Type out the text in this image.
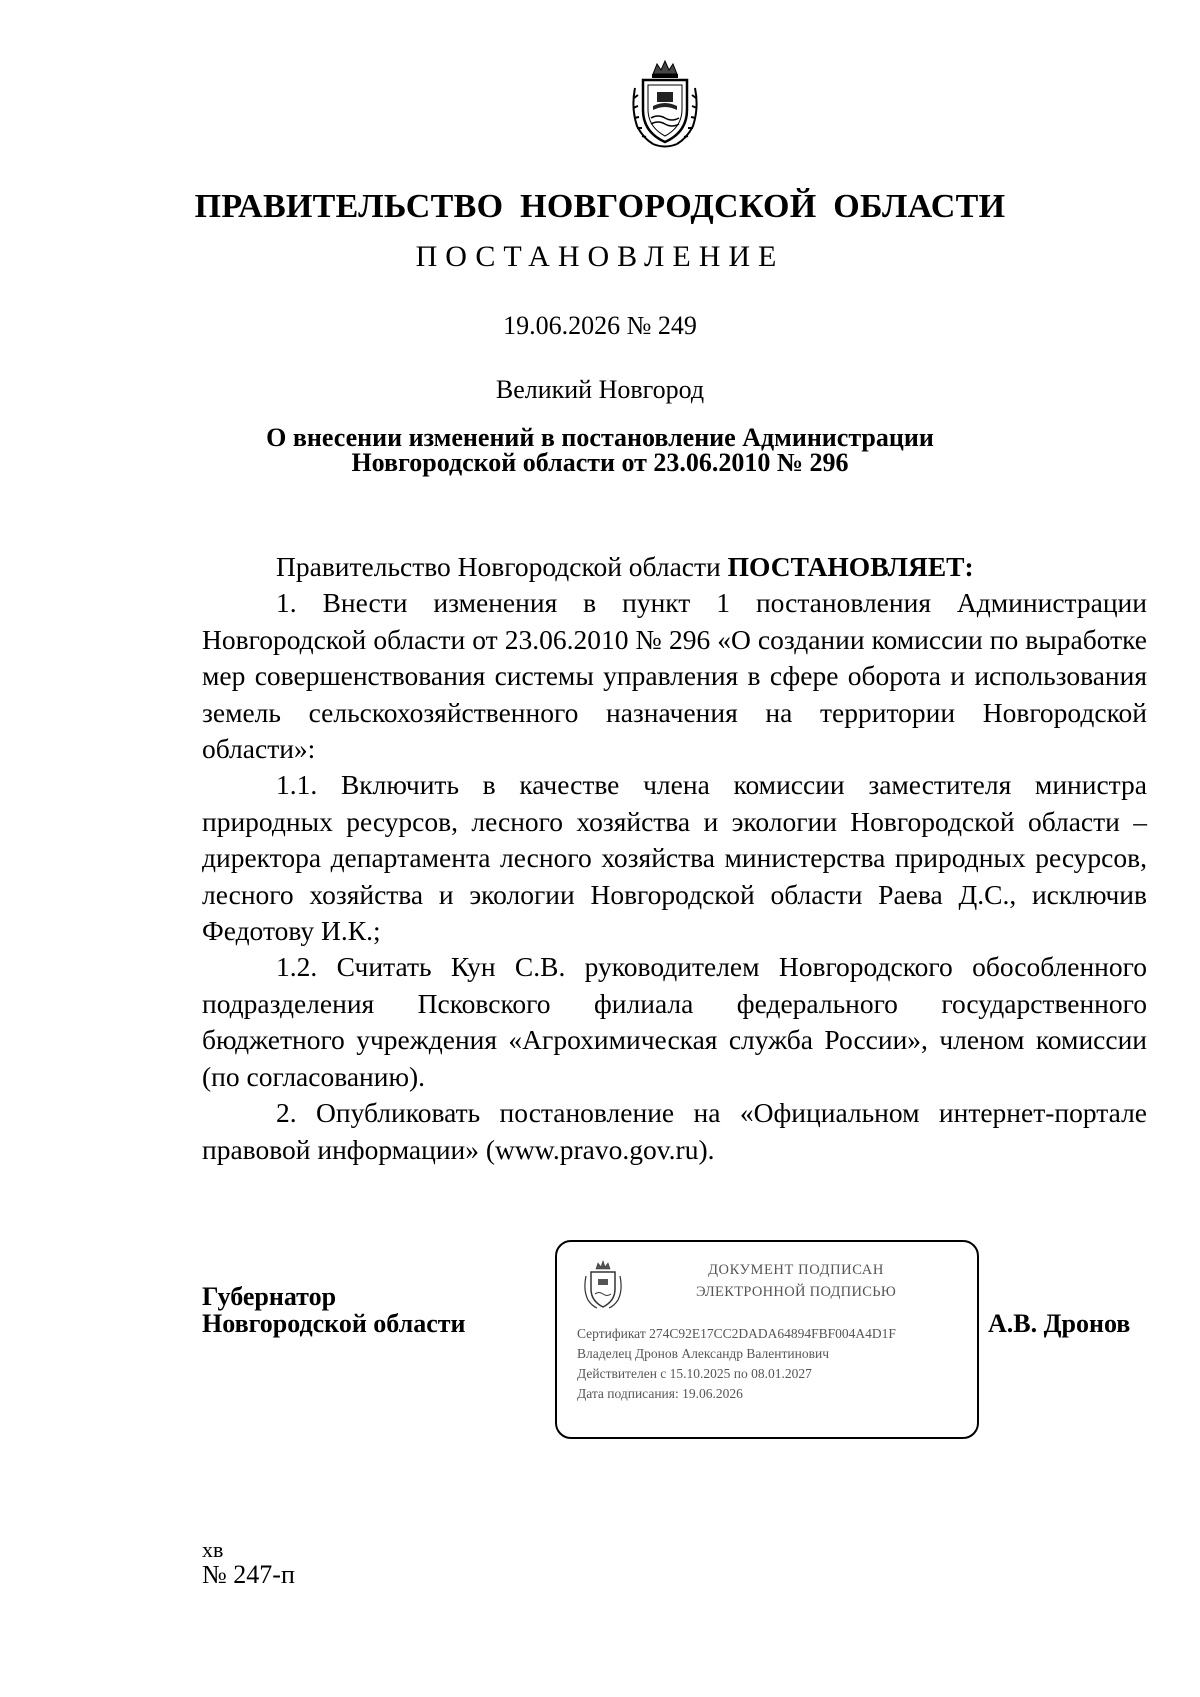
ПРАВИТЕЛЬСТВО НОВГОРОДСКОЙ ОБЛАСТИ
ПОСТАНОВЛЕНИЕ
19.06.2026 № 249
Великий Новгород
О внесении изменений в постановление Администрации
Новгородской области от 23.06.2010 № 296

Правительство Новгородской области ПОСТАНОВЛЯЕТ:

1. Внести изменения в пункт 1 постановления Администрации Новгородской области от 23.06.2010 № 296 «О создании комиссии по выработке мер совершенствования системы управления в сфере оборота и использования земель сельскохозяйственного назначения на территории Новгородской области»:

1.1. Включить в качестве члена комиссии заместителя министра природных ресурсов, лесного хозяйства и экологии Новгородской области – директора департамента лесного хозяйства министерства природных ресурсов, лесного хозяйства и экологии Новгородской области Раева Д.С., исключив Федотову И.К.;

1.2. Считать Кун С.В. руководителем Новгородского обособленного подразделения Псковского филиала федерального государственного бюджетного учреждения «Агрохимическая служба России», членом комиссии (по согласованию).

2. Опубликовать постановление на «Официальном интернет-портале правовой информации» (www.pravo.gov.ru).

Губернатор
Новгородской области
ДОКУМЕНТ ПОДПИСАН
ЭЛЕКТРОННОЙ ПОДПИСЬЮ
Сертификат 274C92E17CC2DADA64894FBF004A4D1F
Владелец Дронов Александр Валентинович
Действителен с 15.10.2025 по 08.01.2027
Дата подписания: 19.06.2026
А.В. Дронов
хв
№ 247-п
